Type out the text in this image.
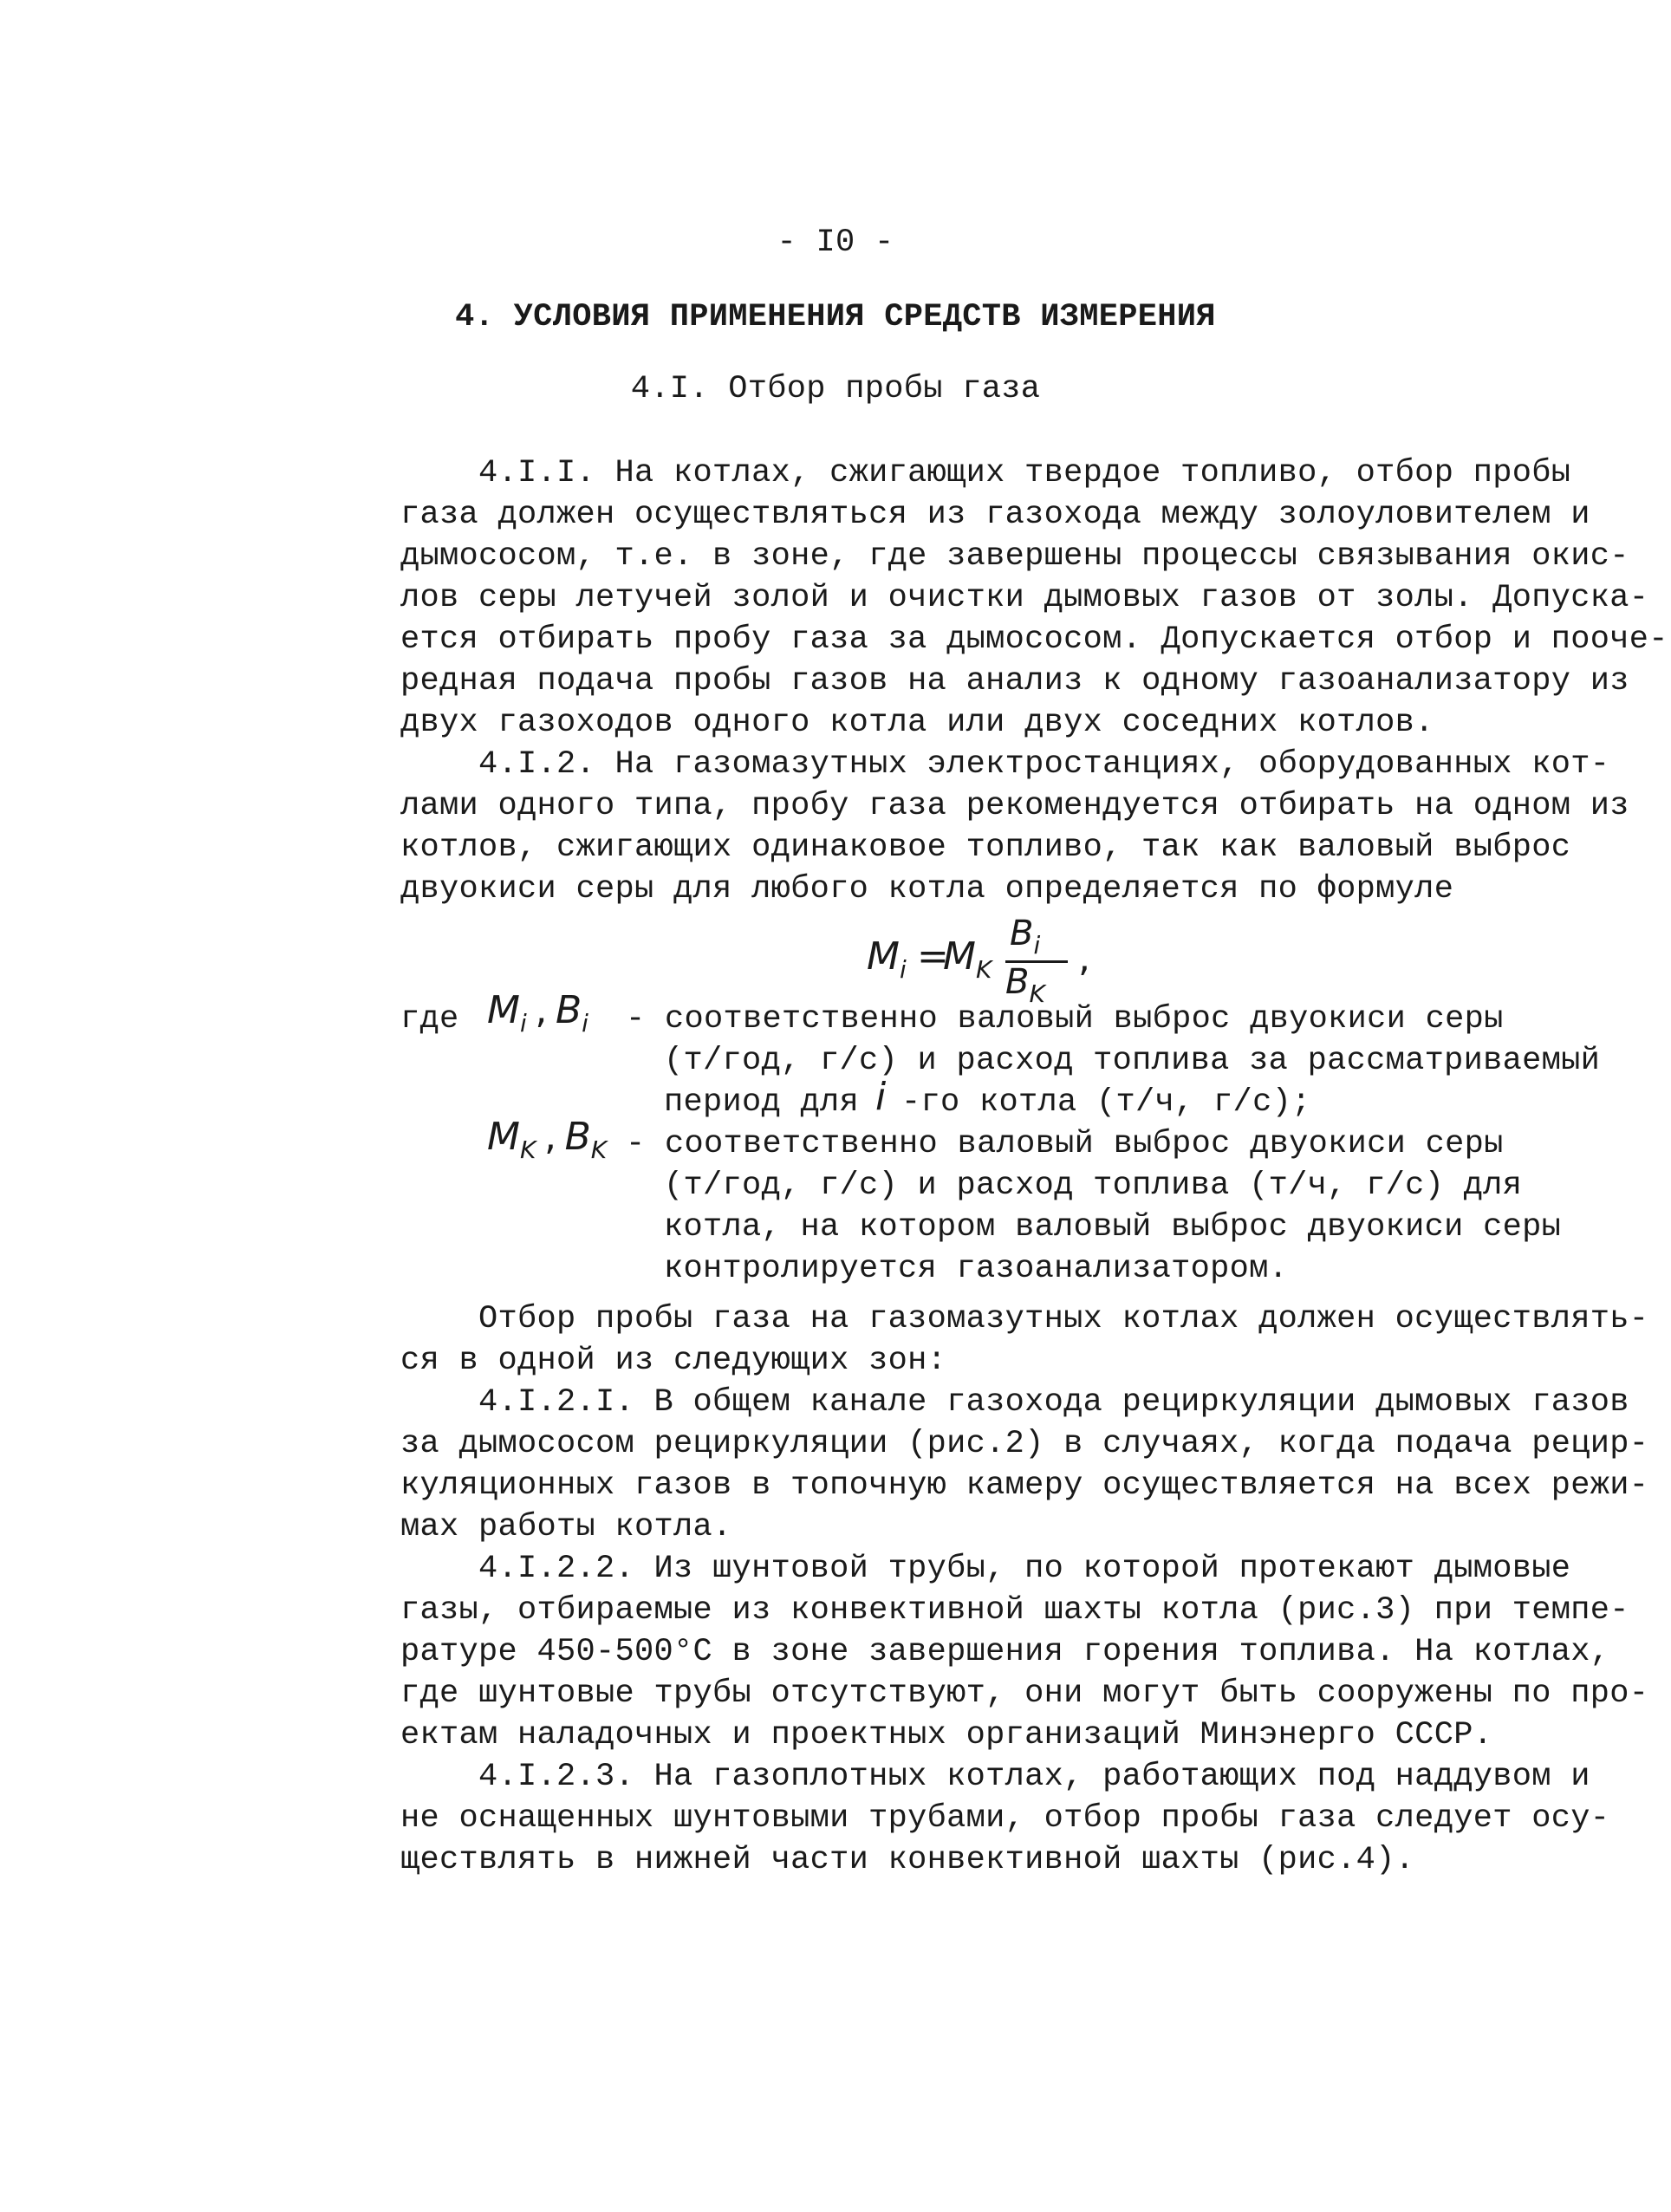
- I0 -
4. УСЛОВИЯ ПРИМЕНЕНИЯ СРЕДСТВ ИЗМЕРЕНИЯ
4.I. Отбор пробы газа
4.I.I. На котлах, сжигающих твердое топливо, отбор пробы
газа должен осуществляться из газохода между золоуловителем и
дымососом, т.е. в зоне, где завершены процессы связывания окис-
лов серы летучей золой и очистки дымовых газов от золы. Допуска-
ется отбирать пробу газа за дымососом. Допускается отбор и пооче-
редная подача пробы газов на анализ к одному газоанализатору из
двух газоходов одного котла или двух соседних котлов.
4.I.2. На газомазутных электростанциях, оборудованных кот-
лами одного типа, пробу газа рекомендуется отбирать на одном из
котлов, сжигающих одинаковое топливо, так как валовый выброс
двуокиси серы для любого котла определяется по формуле
$M_i$ =
$M_K$
$B_i$
$B_K$
,
где $M_i$ , $B_i$ - соответственно валовый выброс двуокиси серы
(т/год, г/с) и расход топлива за рассматриваемый
период для i -го котла (т/ч, г/с);
$M_K$ , $B_K$ - соответственно валовый выброс двуокиси серы
(т/год, г/с) и расход топлива (т/ч, г/с) для
котла, на котором валовый выброс двуокиси серы
контролируется газоанализатором.
Отбор пробы газа на газомазутных котлах должен осуществлять-
ся в одной из следующих зон:
4.I.2.I. В общем канале газохода рециркуляции дымовых газов
за дымососом рециркуляции (рис.2) в случаях, когда подача рецир-
куляционных газов в топочную камеру осуществляется на всех режи-
мах работы котла.
4.I.2.2. Из шунтовой трубы, по которой протекают дымовые
газы, отбираемые из конвективной шахты котла (рис.3) при темпе-
ратуре 450-500°С в зоне завершения горения топлива. На котлах,
где шунтовые трубы отсутствуют, они могут быть сооружены по про-
ектам наладочных и проектных организаций Минэнерго СССР.
4.I.2.3. На газоплотных котлах, работающих под наддувом и
не оснащенных шунтовыми трубами, отбор пробы газа следует осу-
ществлять в нижней части конвективной шахты (рис.4).
